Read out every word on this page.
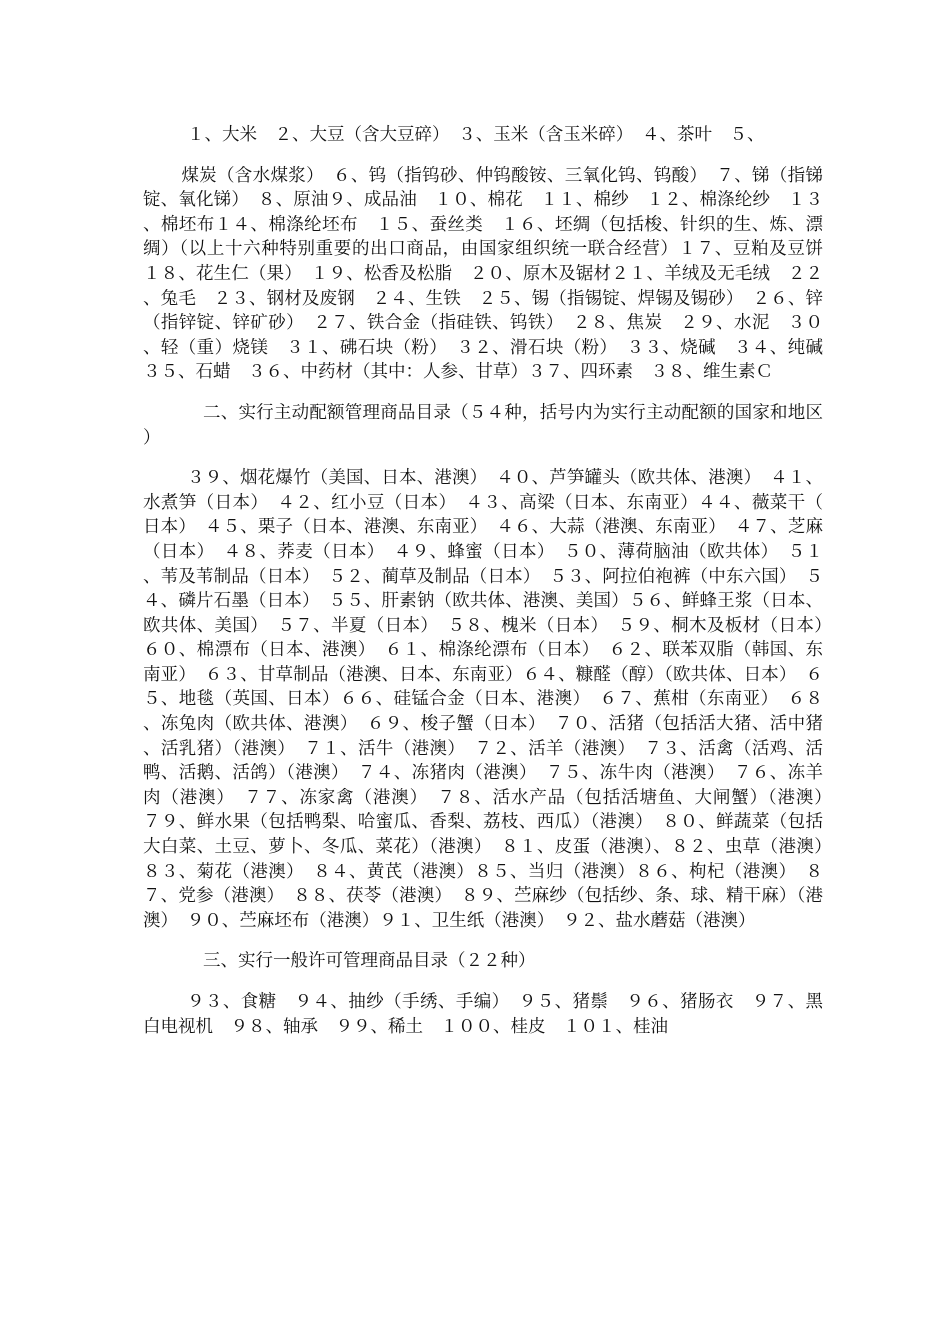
１、大米　２、大豆（含大豆碎）　３、玉米（含玉米碎）　４、茶叶　５、

煤炭（含水煤浆）　６、钨（指钨砂、仲钨酸铵、三氧化钨、钨酸）　７、锑（指锑锭、氧化锑）　８、原油９、成品油　１０、棉花　１１、棉纱　１２、棉涤纶纱　１３、棉坯布１４、棉涤纶坯布　１５、蚕丝类　１６、坯绸（包括梭、针织的生、炼、漂绸）（以上十六种特别重要的出口商品，由国家组织统一联合经营）１７、豆粕及豆饼　１８、花生仁（果）　１９、松香及松脂　２０、原木及锯材２１、羊绒及无毛绒　２２、兔毛　２３、钢材及废钢　２４、生铁　２５、锡（指锡锭、焊锡及锡砂）　２６、锌（指锌锭、锌矿砂）　２７、铁合金（指硅铁、钨铁）　２８、焦炭　２９、水泥　３０、轻（重）烧镁　３１、砩石块（粉）　３２、滑石块（粉）　３３、烧碱　３４、纯碱　３５、石蜡　３６、中药材（其中：人参、甘草）３７、四环素　３８、维生素Ｃ

二、实行主动配额管理商品目录（５４种，括号内为实行主动配额的国家和地区）

３９、烟花爆竹（美国、日本、港澳）　４０、芦笋罐头（欧共体、港澳）　４１、水煮笋（日本）　４２、红小豆（日本）　４３、高梁（日本、东南亚）４４、薇菜干（日本）　４５、栗子（日本、港澳、东南亚）　４６、大蒜（港澳、东南亚）　４７、芝麻（日本）　４８、荞麦（日本）　４９、蜂蜜（日本）　５０、薄荷脑油（欧共体）　５１、苇及苇制品（日本）　５２、蔺草及制品（日本）　５３、阿拉伯袍裤（中东六国）　５４、磷片石墨（日本）　５５、肝素钠（欧共体、港澳、美国）５６、鲜蜂王浆（日本、欧共体、美国）　５７、半夏（日本）　５８、槐米（日本）　５９、桐木及板材（日本）　６０、棉漂布（日本、港澳）　６１、棉涤纶漂布（日本）　６２、联苯双脂（韩国、东南亚）　６３、甘草制品（港澳、日本、东南亚）６４、糠醛（醇）（欧共体、日本）　６５、地毯（英国、日本）６６、硅锰合金（日本、港澳）　６７、蕉柑（东南亚）　６８、冻兔肉（欧共体、港澳）　６９、梭子蟹（日本）　７０、活猪（包括活大猪、活中猪、活乳猪）（港澳）　７１、活牛（港澳）　７２、活羊（港澳）　７３、活禽（活鸡、活鸭、活鹅、活鸽）（港澳）　７４、冻猪肉（港澳）　７５、冻牛肉（港澳）　７６、冻羊肉（港澳）　７７、冻家禽（港澳）　７８、活水产品（包括活塘鱼、大闸蟹）（港澳）　７９、鲜水果（包括鸭梨、哈蜜瓜、香梨、荔枝、西瓜）（港澳）　８０、鲜蔬菜（包括大白菜、土豆、萝卜、冬瓜、菜花）（港澳）　８１、皮蛋（港澳）、８２、虫草（港澳）　８３、菊花（港澳）　８４、黄芪（港澳）８５、当归（港澳）８６、枸杞（港澳）　８７、党参（港澳）　８８、茯苓（港澳）　８９、苎麻纱（包括纱、条、球、精干麻）（港澳）　９０、苎麻坯布（港澳）９１、卫生纸（港澳）　９２、盐水蘑菇（港澳）

三、实行一般许可管理商品目录（２２种）

９３、食糖　９４、抽纱（手绣、手编）　９５、猪鬃　９６、猪肠衣　９７、黑白电视机　９８、轴承　９９、稀土　１００、桂皮　１０１、桂油
